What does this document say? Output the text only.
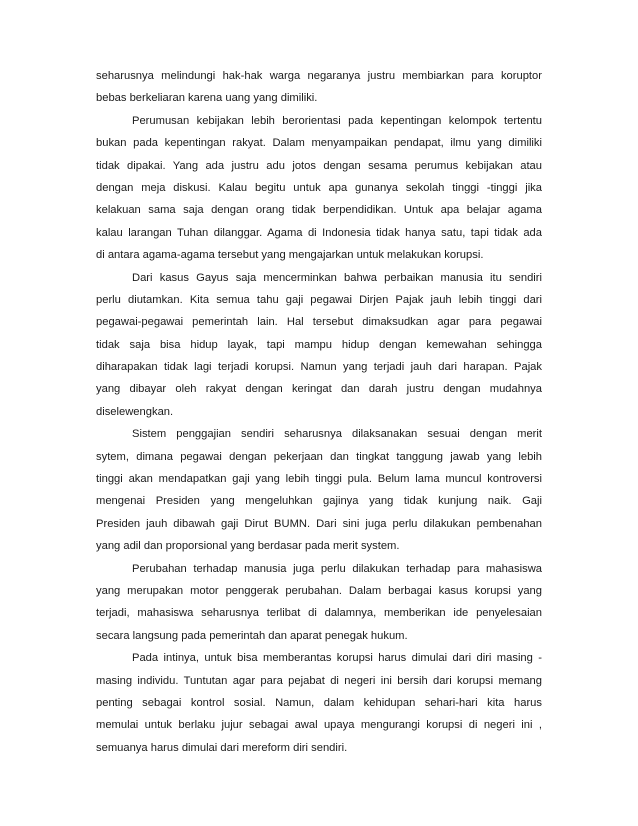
seharusnya melindungi hak-hak warga negaranya justru membiarkan para koruptor
bebas berkeliaran karena uang yang dimiliki.
Perumusan kebijakan lebih berorientasi pada kepentingan kelompok tertentu
bukan pada kepentingan rakyat. Dalam menyampaikan pendapat, ilmu yang dimiliki
tidak dipakai. Yang ada justru adu jotos dengan sesama perumus kebijakan atau
dengan meja diskusi. Kalau begitu untuk apa gunanya sekolah tinggi -tinggi jika
kelakuan sama saja dengan orang tidak berpendidikan. Untuk apa belajar agama
kalau larangan Tuhan dilanggar. Agama di Indonesia tidak hanya satu, tapi tidak ada
di antara agama-agama tersebut yang mengajarkan untuk melakukan korupsi.
Dari kasus Gayus saja mencerminkan bahwa perbaikan manusia itu sendiri
perlu diutamkan. Kita semua tahu gaji pegawai Dirjen Pajak jauh lebih tinggi dari
pegawai-pegawai pemerintah lain. Hal tersebut dimaksudkan agar para pegawai
tidak saja bisa hidup layak, tapi mampu hidup dengan kemewahan sehingga
diharapakan tidak lagi terjadi korupsi. Namun yang terjadi jauh dari harapan. Pajak
yang dibayar oleh rakyat dengan keringat dan darah justru dengan mudahnya
diselewengkan.
Sistem penggajian sendiri seharusnya dilaksanakan sesuai dengan merit
sytem, dimana pegawai dengan pekerjaan dan tingkat tanggung jawab yang lebih
tinggi akan mendapatkan gaji yang lebih tinggi pula. Belum lama muncul kontroversi
mengenai Presiden yang mengeluhkan gajinya yang tidak kunjung naik. Gaji
Presiden jauh dibawah gaji Dirut BUMN. Dari sini juga perlu dilakukan pembenahan
yang adil dan proporsional yang berdasar pada merit system.
Perubahan terhadap manusia juga perlu dilakukan terhadap para mahasiswa
yang merupakan motor penggerak perubahan. Dalam berbagai kasus korupsi yang
terjadi, mahasiswa seharusnya terlibat di dalamnya, memberikan ide penyelesaian
secara langsung pada pemerintah dan aparat penegak hukum.
Pada intinya, untuk bisa memberantas korupsi harus dimulai dari diri masing -
masing individu. Tuntutan agar para pejabat di negeri ini bersih dari korupsi memang
penting sebagai kontrol sosial. Namun, dalam kehidupan sehari-hari kita harus
memulai untuk berlaku jujur sebagai awal upaya mengurangi korupsi di negeri ini ,
semuanya harus dimulai dari mereform diri sendiri.
